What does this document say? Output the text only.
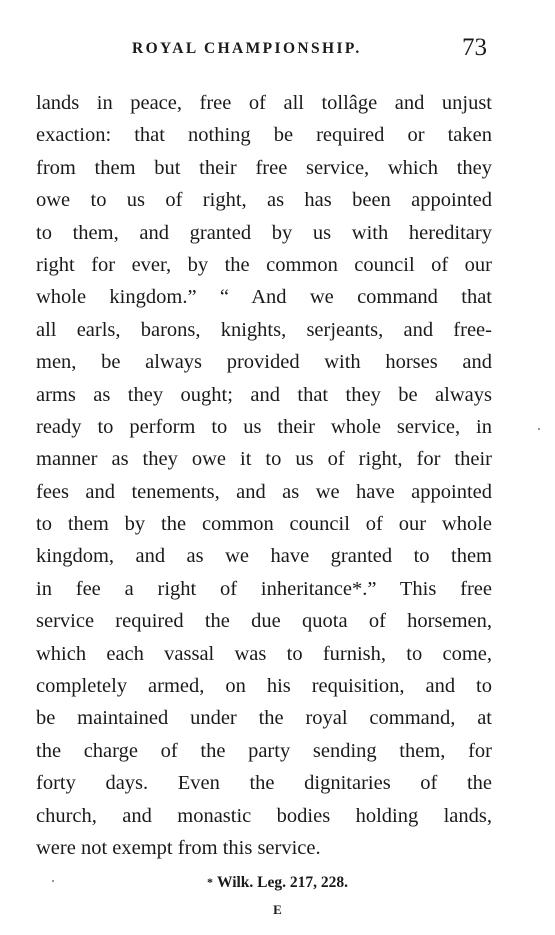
ROYAL CHAMPIONSHIP.	73
lands in peace, free of all tollâge and unjust
exaction: that nothing be required or taken
from them but their free service, which they
owe to us of right, as has been appointed
to them, and granted by us with hereditary
right for ever, by the common council of our
whole kingdom.” “ And we command that
all earls, barons, knights, serjeants, and free-
men, be always provided with horses and
arms as they ought; and that they be always
ready to perform to us their whole service, in
manner as they owe it to us of right, for their
fees and tenements, and as we have appointed
to them by the common council of our whole
kingdom, and as we have granted to them
in fee a right of inheritance*.” This free
service required the due quota of horsemen,
which each vassal was to furnish, to come,
completely armed, on his requisition, and to
be maintained under the royal command, at
the charge of the party sending them, for
forty days. Even the dignitaries of the
church, and monastic bodies holding lands,
were not exempt from this service.
* Wilk. Leg. 217, 228.
E
